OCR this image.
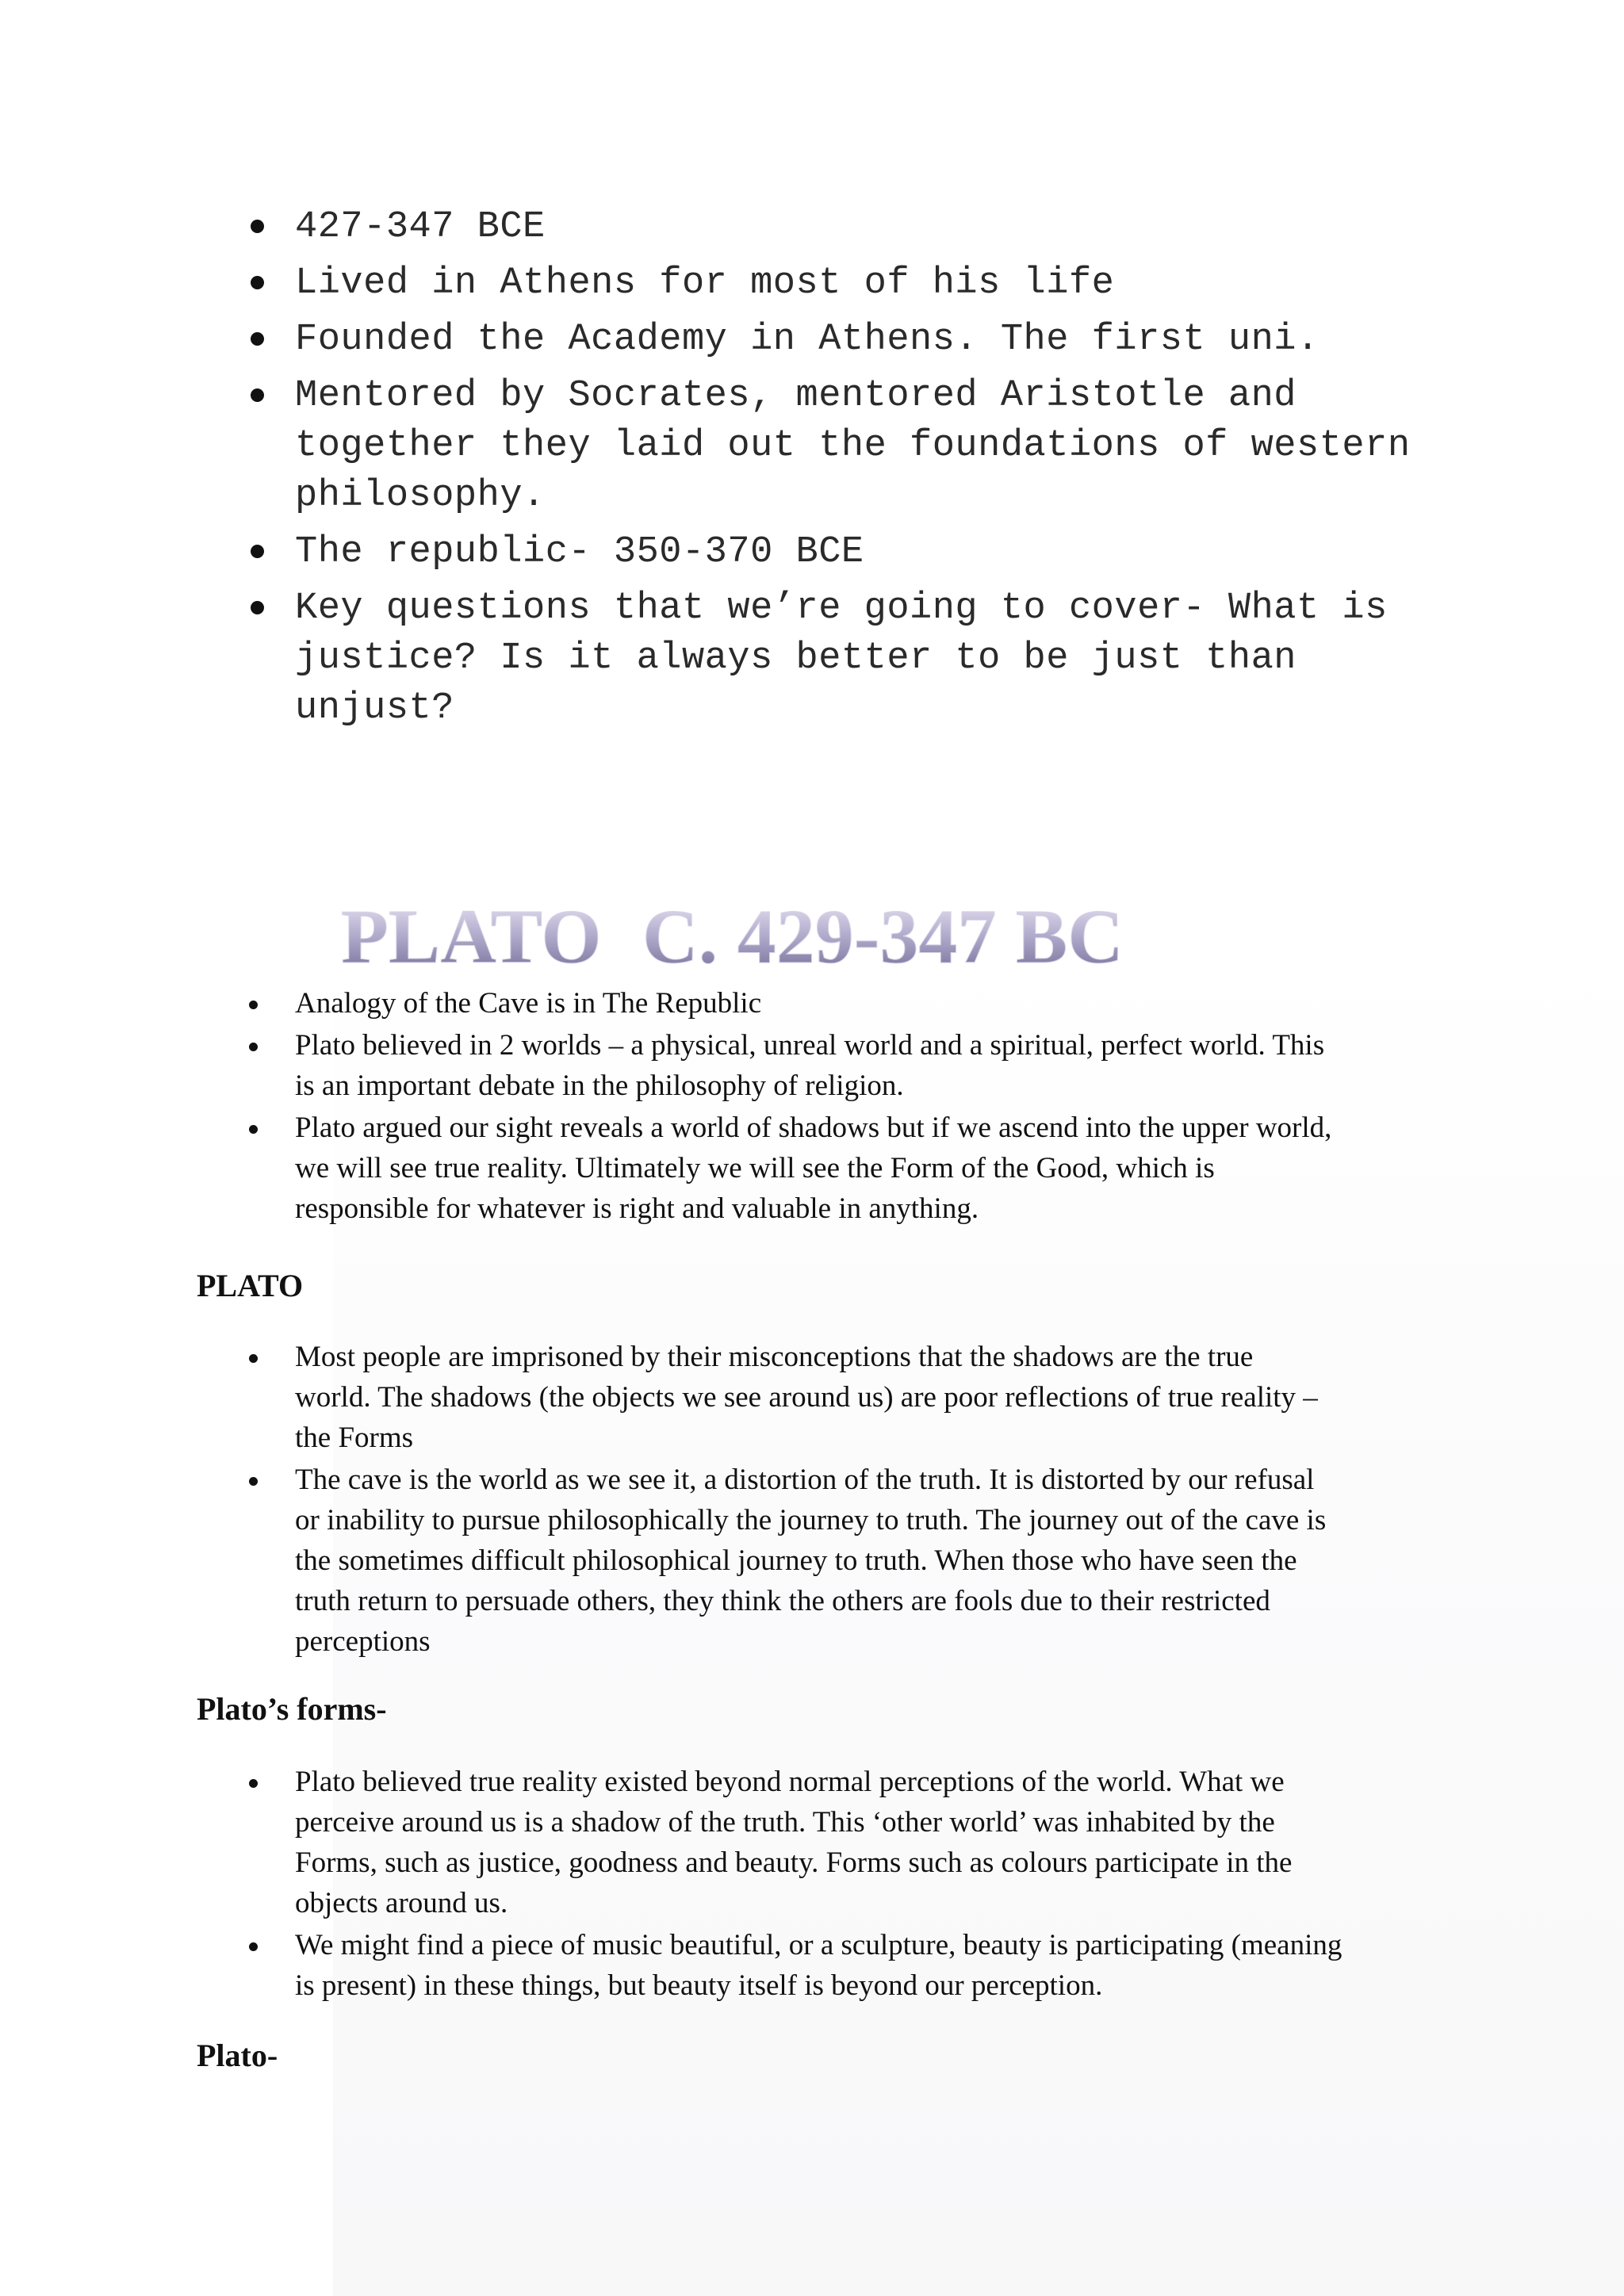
427-347 BCE
Lived in Athens for most of his life
Founded the Academy in Athens. The first uni.
Mentored by Socrates, mentored Aristotle and
together they laid out the foundations of western
philosophy.
The republic- 350-370 BCE
Key questions that we’re going to cover- What is
justice? Is it always better to be just than
unjust?
PLATO C. 429-347 BC
Analogy of the Cave is in The Republic
Plato believed in 2 worlds – a physical, unreal world and a spiritual, perfect world. This
is an important debate in the philosophy of religion.
Plato argued our sight reveals a world of shadows but if we ascend into the upper world,
we will see true reality. Ultimately we will see the Form of the Good, which is
responsible for whatever is right and valuable in anything.
PLATO
Most people are imprisoned by their misconceptions that the shadows are the true
world. The shadows (the objects we see around us) are poor reflections of true reality –
the Forms
The cave is the world as we see it, a distortion of the truth. It is distorted by our refusal
or inability to pursue philosophically the journey to truth. The journey out of the cave is
the sometimes difficult philosophical journey to truth. When those who have seen the
truth return to persuade others, they think the others are fools due to their restricted
perceptions
Plato’s forms-
Plato believed true reality existed beyond normal perceptions of the world. What we
perceive around us is a shadow of the truth. This ‘other world’ was inhabited by the
Forms, such as justice, goodness and beauty. Forms such as colours participate in the
objects around us.
We might find a piece of music beautiful, or a sculpture, beauty is participating (meaning
is present) in these things, but beauty itself is beyond our perception.
Plato-
